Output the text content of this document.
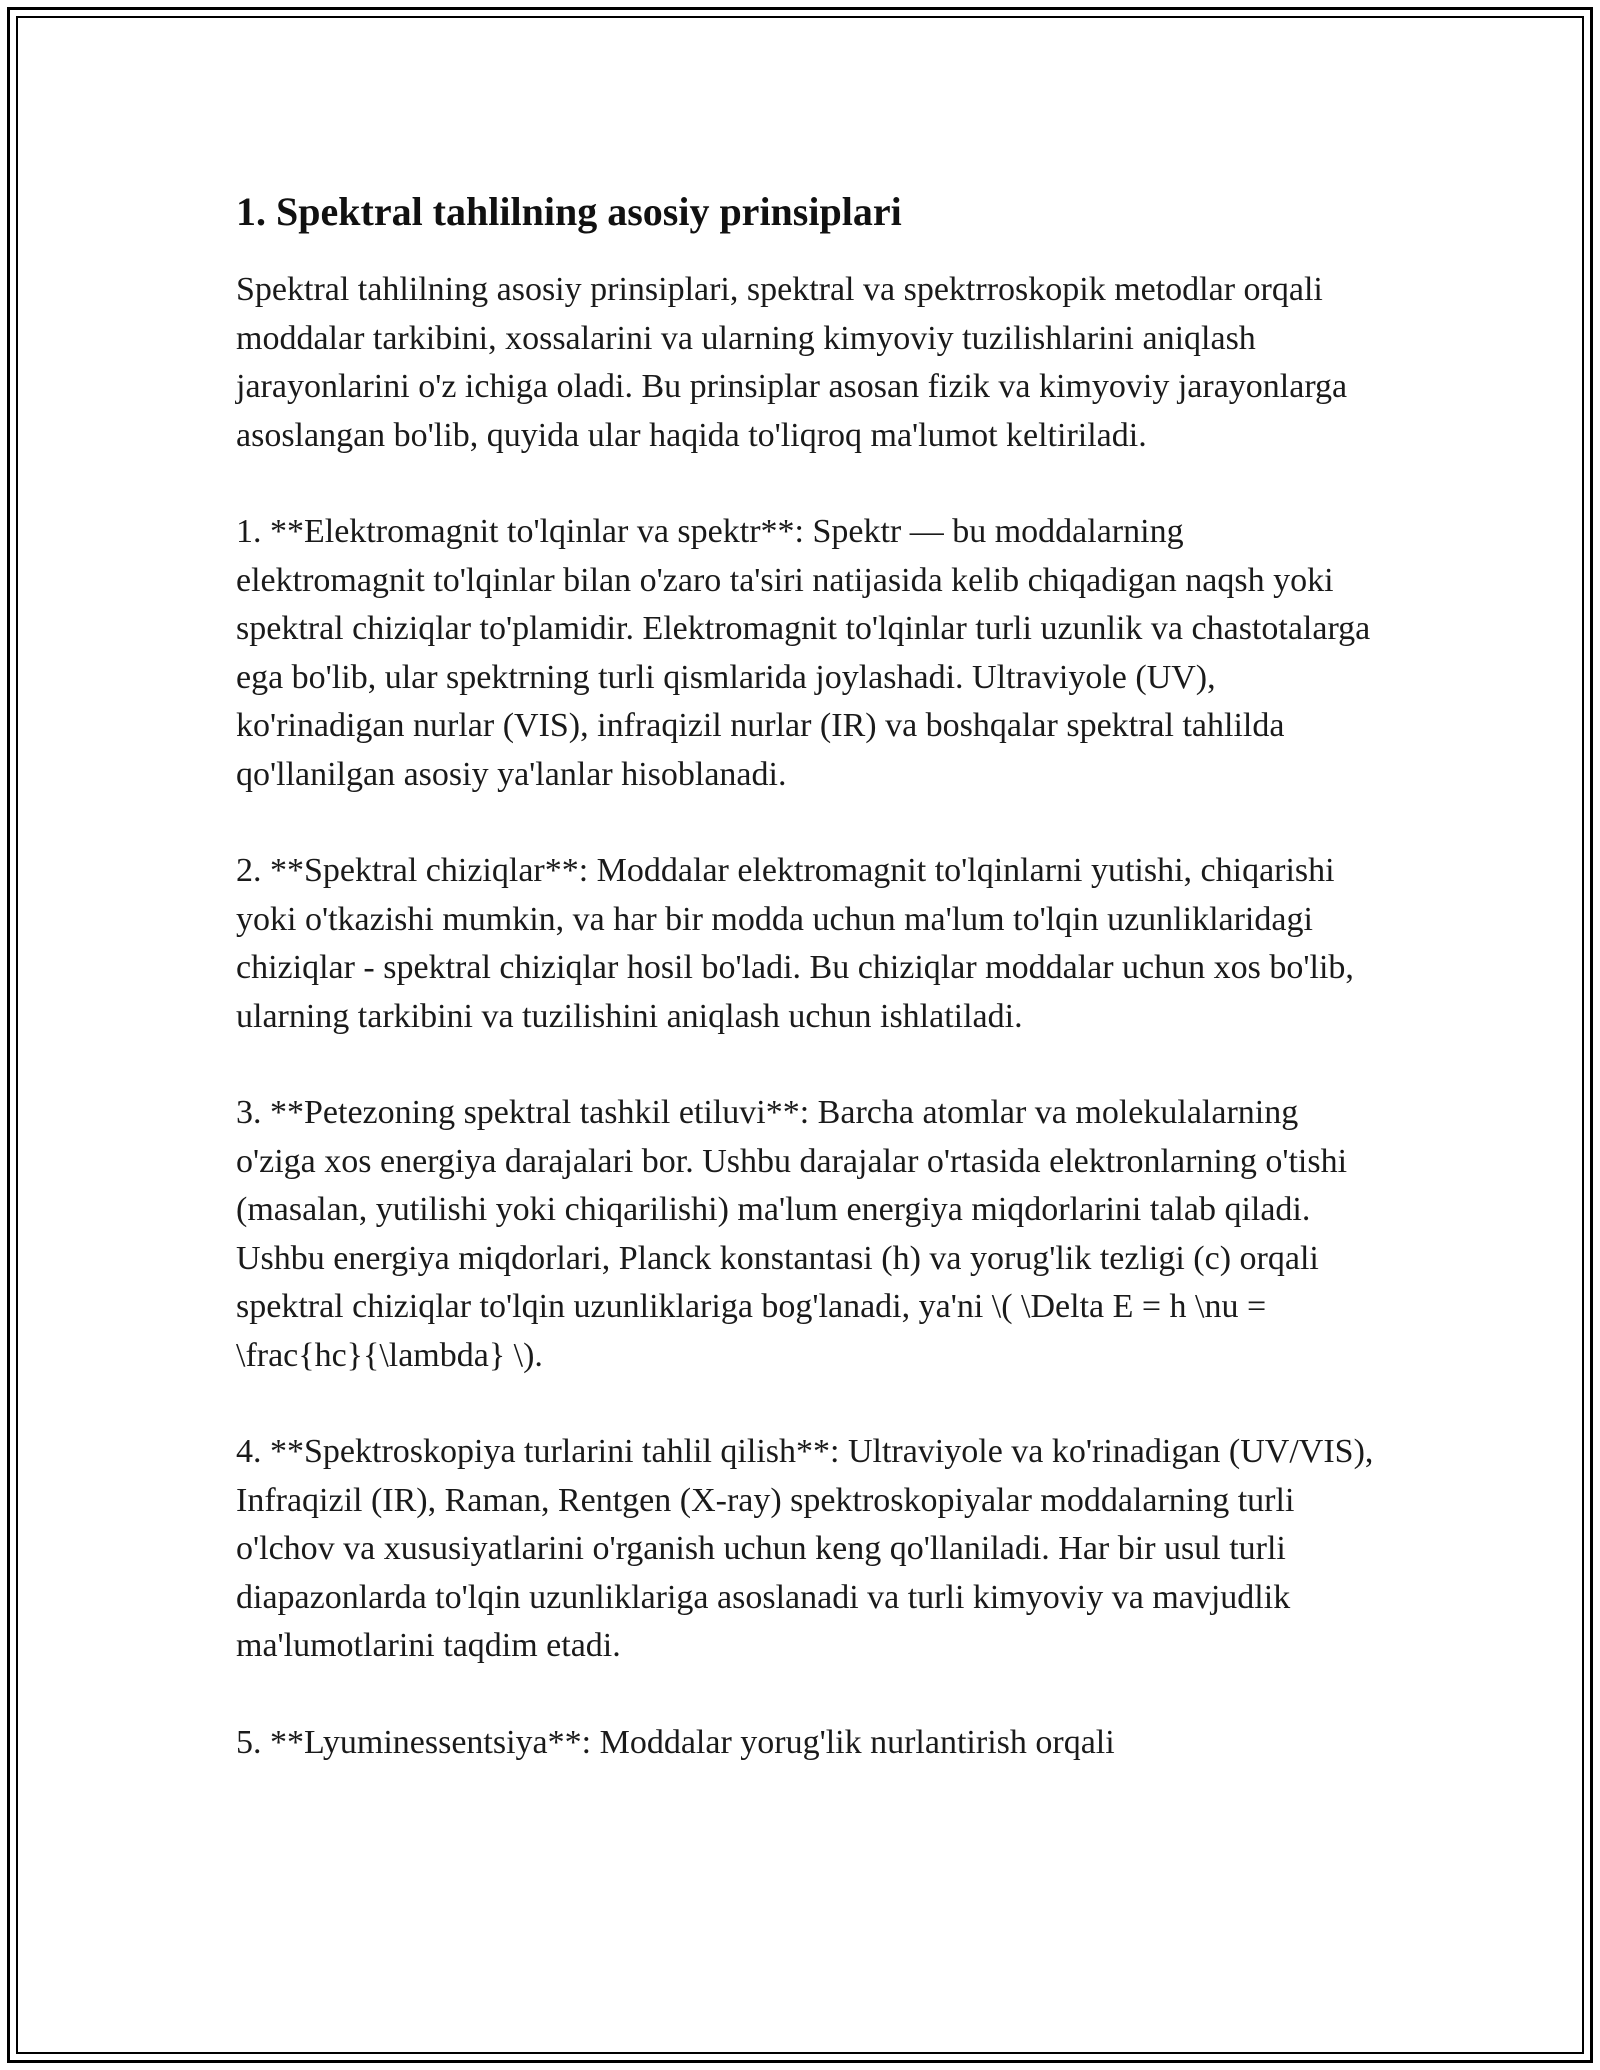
1. Spektral tahlilning asosiy prinsiplari

Spektral tahlilning asosiy prinsiplari, spektral va spektrroskopik metodlar orqali moddalar tarkibini, xossalarini va ularning kimyoviy tuzilishlarini aniqlash jarayonlarini o'z ichiga oladi. Bu prinsiplar asosan fizik va kimyoviy jarayonlarga asoslangan bo'lib, quyida ular haqida to'liqroq ma'lumot keltiriladi.

1. **Elektromagnit to'lqinlar va spektr**: Spektr — bu moddalarning elektromagnit to'lqinlar bilan o'zaro ta'siri natijasida kelib chiqadigan naqsh yoki spektral chiziqlar to'plamidir. Elektromagnit to'lqinlar turli uzunlik va chastotalarga ega bo'lib, ular spektrning turli qismlarida joylashadi. Ultraviyole (UV), ko'rinadigan nurlar (VIS), infraqizil nurlar (IR) va boshqalar spektral tahlilda qo'llanilgan asosiy ya'lanlar hisoblanadi.

2. **Spektral chiziqlar**: Moddalar elektromagnit to'lqinlarni yutishi, chiqarishi yoki o'tkazishi mumkin, va har bir modda uchun ma'lum to'lqin uzunliklaridagi chiziqlar - spektral chiziqlar hosil bo'ladi. Bu chiziqlar moddalar uchun xos bo'lib, ularning tarkibini va tuzilishini aniqlash uchun ishlatiladi.

3. **Petezoning spektral tashkil etiluvi**: Barcha atomlar va molekulalarning o'ziga xos energiya darajalari bor. Ushbu darajalar o'rtasida elektronlarning o'tishi (masalan, yutilishi yoki chiqarilishi) ma'lum energiya miqdorlarini talab qiladi. Ushbu energiya miqdorlari, Planck konstantasi (h) va yorug'lik tezligi (c) orqali spektral chiziqlar to'lqin uzunliklariga bog'lanadi, ya'ni \( \Delta E = h \nu = \frac{hc}{\lambda} \).

4. **Spektroskopiya turlarini tahlil qilish**: Ultraviyole va ko'rinadigan (UV/VIS), Infraqizil (IR), Raman, Rentgen (X-ray) spektroskopiyalar moddalarning turli o'lchov va xususiyatlarini o'rganish uchun keng qo'llaniladi. Har bir usul turli diapazonlarda to'lqin uzunliklariga asoslanadi va turli kimyoviy va mavjudlik ma'lumotlarini taqdim etadi.

5. **Lyuminessentsiya**: Moddalar yorug'lik nurlantirish orqali
